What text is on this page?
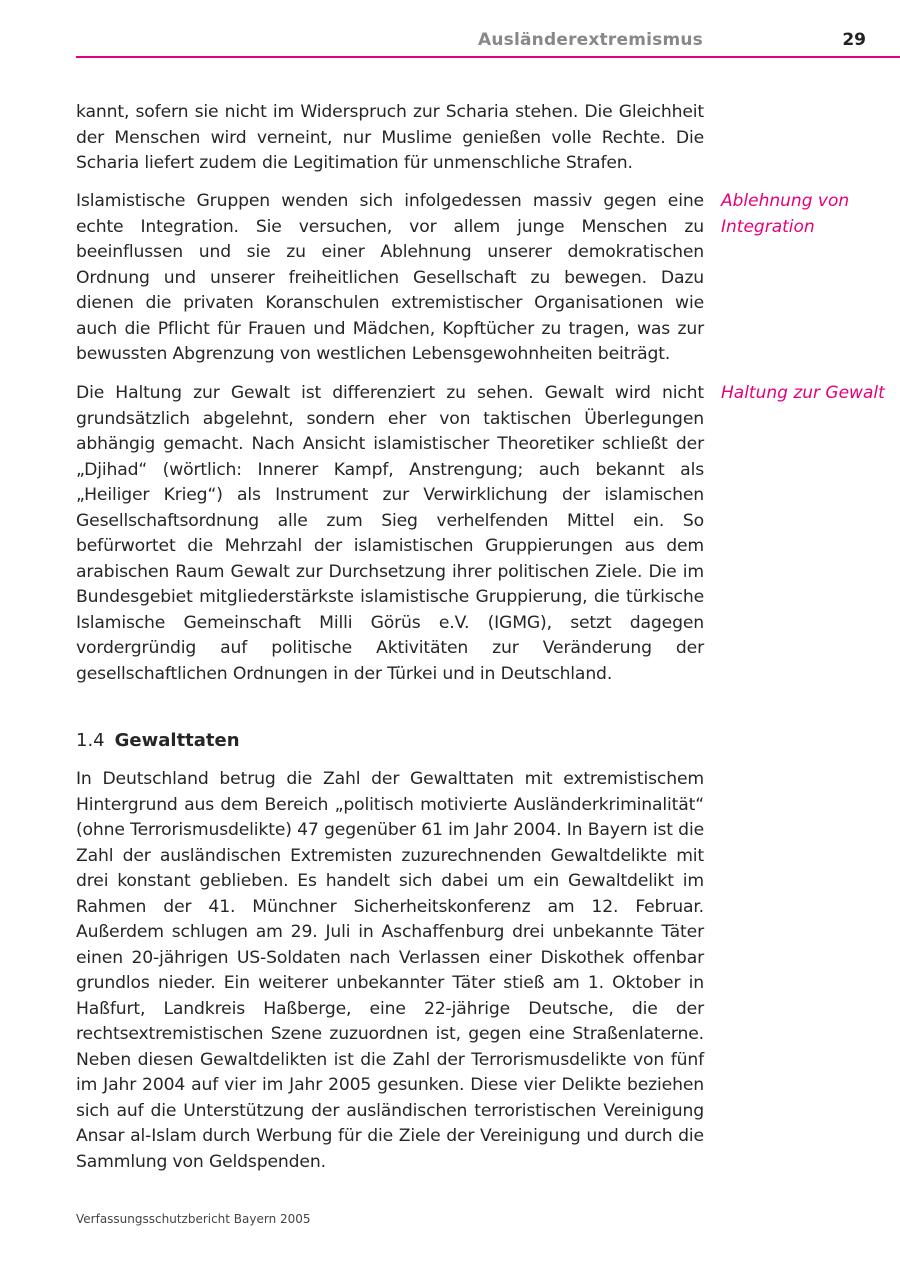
Ausländerextremismus	29

kannt, sofern sie nicht im Widerspruch zur Scharia stehen. Die Gleichheit der Menschen wird verneint, nur Muslime genießen volle Rechte. Die Scharia liefert zudem die Legitimation für unmenschliche Strafen.

Islamistische Gruppen wenden sich infolgedessen massiv gegen eine echte Integration. Sie versuchen, vor allem junge Menschen zu beeinflussen und sie zu einer Ablehnung unserer demokratischen Ordnung und unserer freiheitlichen Gesellschaft zu bewegen. Dazu dienen die privaten Koranschulen extremistischer Organisationen wie auch die Pflicht für Frauen und Mädchen, Kopftücher zu tragen, was zur bewussten Abgrenzung von westlichen Lebensgewohnheiten beiträgt.

Ablehnung von Integration

Die Haltung zur Gewalt ist differenziert zu sehen. Gewalt wird nicht grundsätzlich abgelehnt, sondern eher von taktischen Überlegungen abhängig gemacht. Nach Ansicht islamistischer Theoretiker schließt der „Djihad“ (wörtlich: Innerer Kampf, Anstrengung; auch bekannt als „Heiliger Krieg“) als Instrument zur Verwirklichung der islamischen Gesellschaftsordnung alle zum Sieg verhelfenden Mittel ein. So befürwortet die Mehrzahl der islamistischen Gruppierungen aus dem arabischen Raum Gewalt zur Durchsetzung ihrer politischen Ziele. Die im Bundesgebiet mitgliederstärkste islamistische Gruppierung, die türkische Islamische Gemeinschaft Milli Görüs e.V. (IGMG), setzt dagegen vordergründig auf politische Aktivitäten zur Veränderung der gesellschaftlichen Ordnungen in der Türkei und in Deutschland.

Haltung zur Gewalt

1.4 Gewalttaten

In Deutschland betrug die Zahl der Gewalttaten mit extremistischem Hintergrund aus dem Bereich „politisch motivierte Ausländerkriminalität“ (ohne Terrorismusdelikte) 47 gegenüber 61 im Jahr 2004. In Bayern ist die Zahl der ausländischen Extremisten zuzurechnenden Gewaltdelikte mit drei konstant geblieben. Es handelt sich dabei um ein Gewaltdelikt im Rahmen der 41. Münchner Sicherheitskonferenz am 12. Februar. Außerdem schlugen am 29. Juli in Aschaffenburg drei unbekannte Täter einen 20-jährigen US-Soldaten nach Verlassen einer Diskothek offenbar grundlos nieder. Ein weiterer unbekannter Täter stieß am 1. Oktober in Haßfurt, Landkreis Haßberge, eine 22-jährige Deutsche, die der rechtsextremistischen Szene zuzuordnen ist, gegen eine Straßenlaterne. Neben diesen Gewaltdelikten ist die Zahl der Terrorismusdelikte von fünf im Jahr 2004 auf vier im Jahr 2005 gesunken. Diese vier Delikte beziehen sich auf die Unterstützung der ausländischen terroristischen Vereinigung Ansar al-Islam durch Werbung für die Ziele der Vereinigung und durch die Sammlung von Geldspenden.

Verfassungsschutzbericht Bayern 2005
